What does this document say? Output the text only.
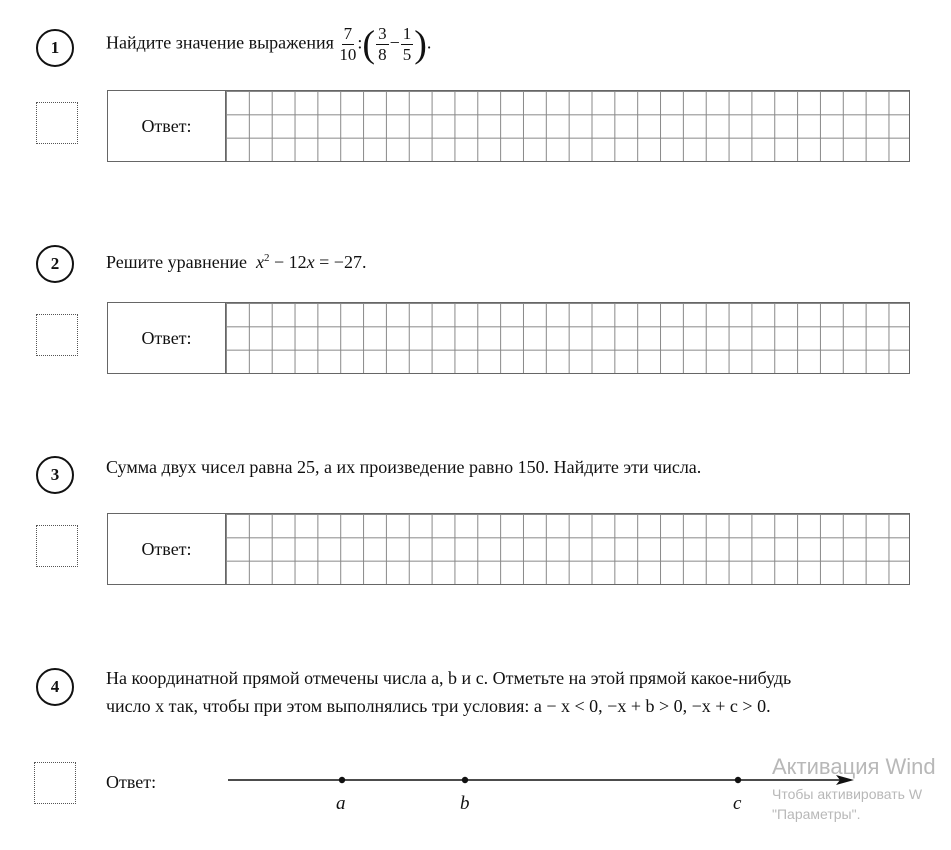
1	Найдите значение выражения $\frac{7}{10}$ :( $\frac{3}{8} - \frac{1}{5}$ ).
Ответ:
2	Решите уравнение $x^2 - 12x = -27$.
Ответ:
3	Сумма двух чисел равна 25, а их произведение равно 150. Найдите эти числа.
Ответ:
4	На координатной прямой отмечены числа a, b и c. Отметьте на этой прямой какое-нибудь
число x так, чтобы при этом выполнялись три условия: a − x < 0, −x + b > 0, −x + c > 0.
Ответ:
a	b	c
Активация Wind
Чтобы активировать W
"Параметры".
